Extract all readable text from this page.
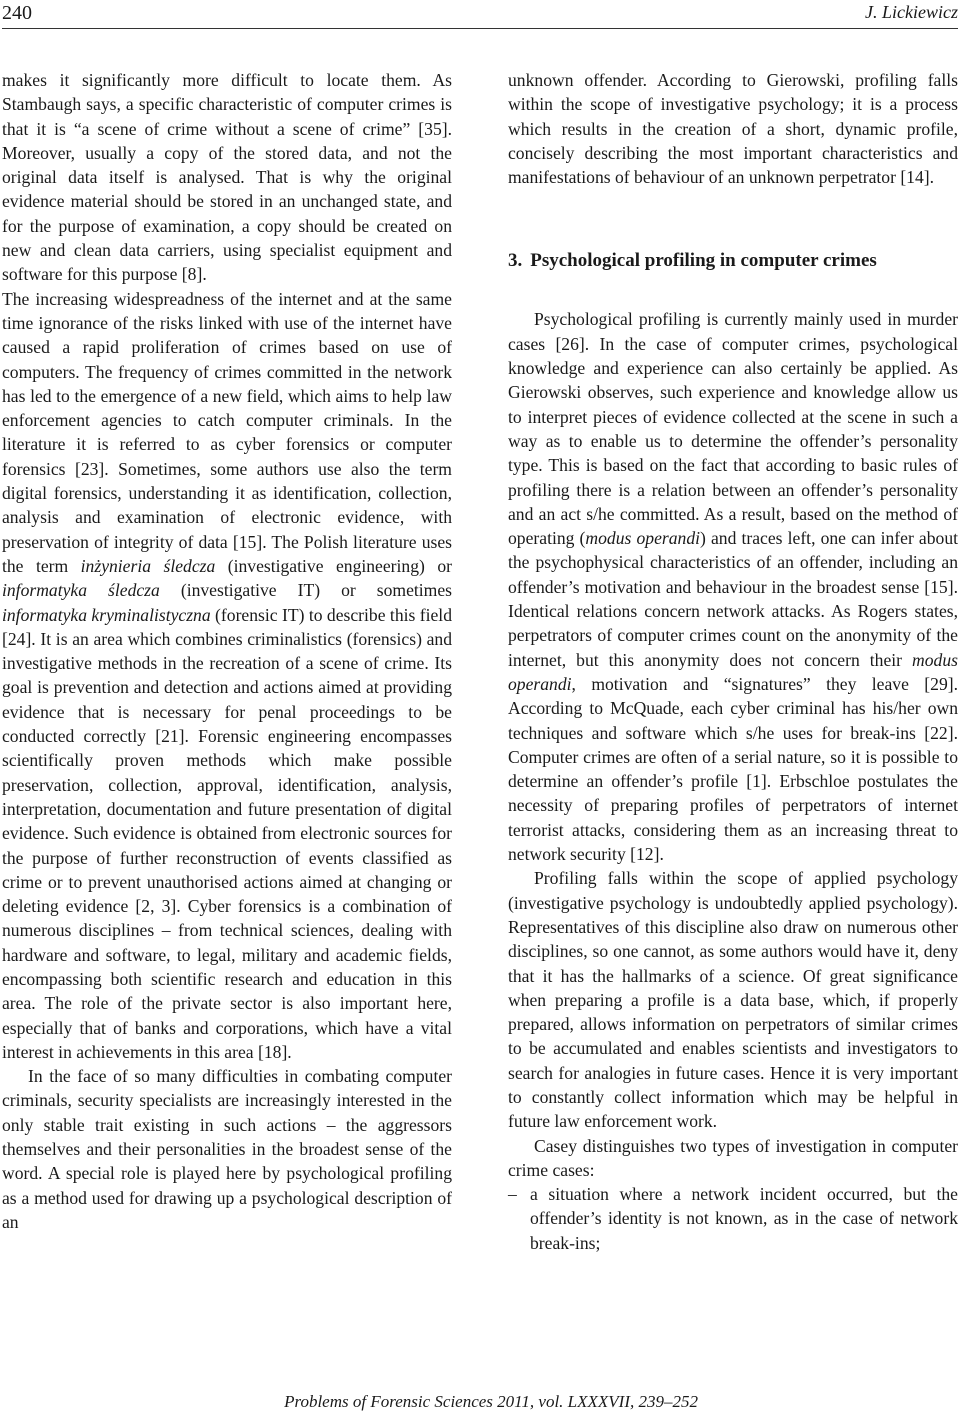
240	J. Lickiewicz

makes it significantly more difficult to locate them. As Stambaugh says, a specific characteristic of computer crimes is that it is “a scene of crime without a scene of crime” [35]. Moreover, usually a copy of the stored data, and not the original data itself is analysed. That is why the original evidence material should be stored in an unchanged state, and for the purpose of examination, a copy should be created on new and clean data carriers, using specialist equipment and software for this purpose [8].

The increasing widespreadness of the internet and at the same time ignorance of the risks linked with use of the internet have caused a rapid proliferation of crimes based on use of computers. The frequency of crimes committed in the network has led to the emergence of a new field, which aims to help law enforcement agencies to catch computer criminals. In the literature it is referred to as cyber forensics or computer forensics [23]. Sometimes, some authors use also the term digital forensics, understanding it as identification, collection, analysis and examination of electronic evidence, with preservation of integrity of data [15]. The Polish literature uses the term inżynieria śledcza (investigative engineering) or informatyka śledcza (investigative IT) or sometimes informatyka kryminalistyczna (forensic IT) to describe this field [24]. It is an area which combines criminalistics (forensics) and investigative methods in the recreation of a scene of crime. Its goal is prevention and detection and actions aimed at providing evidence that is necessary for penal proceedings to be conducted correctly [21]. Forensic engineering encompasses scientifically proven methods which make possible preservation, collection, approval, identification, analysis, interpretation, documentation and future presentation of digital evidence. Such evidence is obtained from electronic sources for the purpose of further reconstruction of events classified as crime or to prevent unauthorised actions aimed at changing or deleting evidence [2, 3]. Cyber forensics is a combination of numerous disciplines – from technical sciences, dealing with hardware and software, to legal, military and academic fields, encompassing both scientific research and education in this area. The role of the private sector is also important here, especially that of banks and corporations, which have a vital interest in achievements in this area [18].

In the face of so many difficulties in combating computer criminals, security specialists are increasingly interested in the only stable trait existing in such actions – the aggressors themselves and their personalities in the broadest sense of the word. A special role is played here by psychological profiling as a method used for drawing up a psychological description of an

unknown offender. According to Gierowski, profiling falls within the scope of investigative psychology; it is a process which results in the creation of a short, dynamic profile, concisely describing the most important characteristics and manifestations of behaviour of an unknown perpetrator [14].

3. Psychological profiling in computer crimes

Psychological profiling is currently mainly used in murder cases [26]. In the case of computer crimes, psychological knowledge and experience can also certainly be applied. As Gierowski observes, such experience and knowledge allow us to interpret pieces of evidence collected at the scene in such a way as to enable us to determine the offender’s personality type. This is based on the fact that according to basic rules of profiling there is a relation between an offender’s personality and an act s/he committed. As a result, based on the method of operating (modus operandi) and traces left, one can infer about the psychophysical characteristics of an offender, including an offender’s motivation and behaviour in the broadest sense [15]. Identical relations concern network attacks. As Rogers states, perpetrators of computer crimes count on the anonymity of the internet, but this anonymity does not concern their modus operandi, motivation and “signatures” they leave [29]. According to McQuade, each cyber criminal has his/her own techniques and software which s/he uses for break-ins [22]. Computer crimes are often of a serial nature, so it is possible to determine an offender’s profile [1]. Erbschloe postulates the necessity of preparing profiles of perpetrators of internet terrorist attacks, considering them as an increasing threat to network security [12].

Profiling falls within the scope of applied psychology (investigative psychology is undoubtedly applied psychology). Representatives of this discipline also draw on numerous other disciplines, so one cannot, as some authors would have it, deny that it has the hallmarks of a science. Of great significance when preparing a profile is a data base, which, if properly prepared, allows information on perpetrators of similar crimes to be accumulated and enables scientists and investigators to search for analogies in future cases. Hence it is very important to constantly collect information which may be helpful in future law enforcement work.

Casey distinguishes two types of investigation in computer crime cases:

– a situation where a network incident occurred, but the offender’s identity is not known, as in the case of network break-ins;
Problems of Forensic Sciences 2011, vol. LXXXVII, 239–252
